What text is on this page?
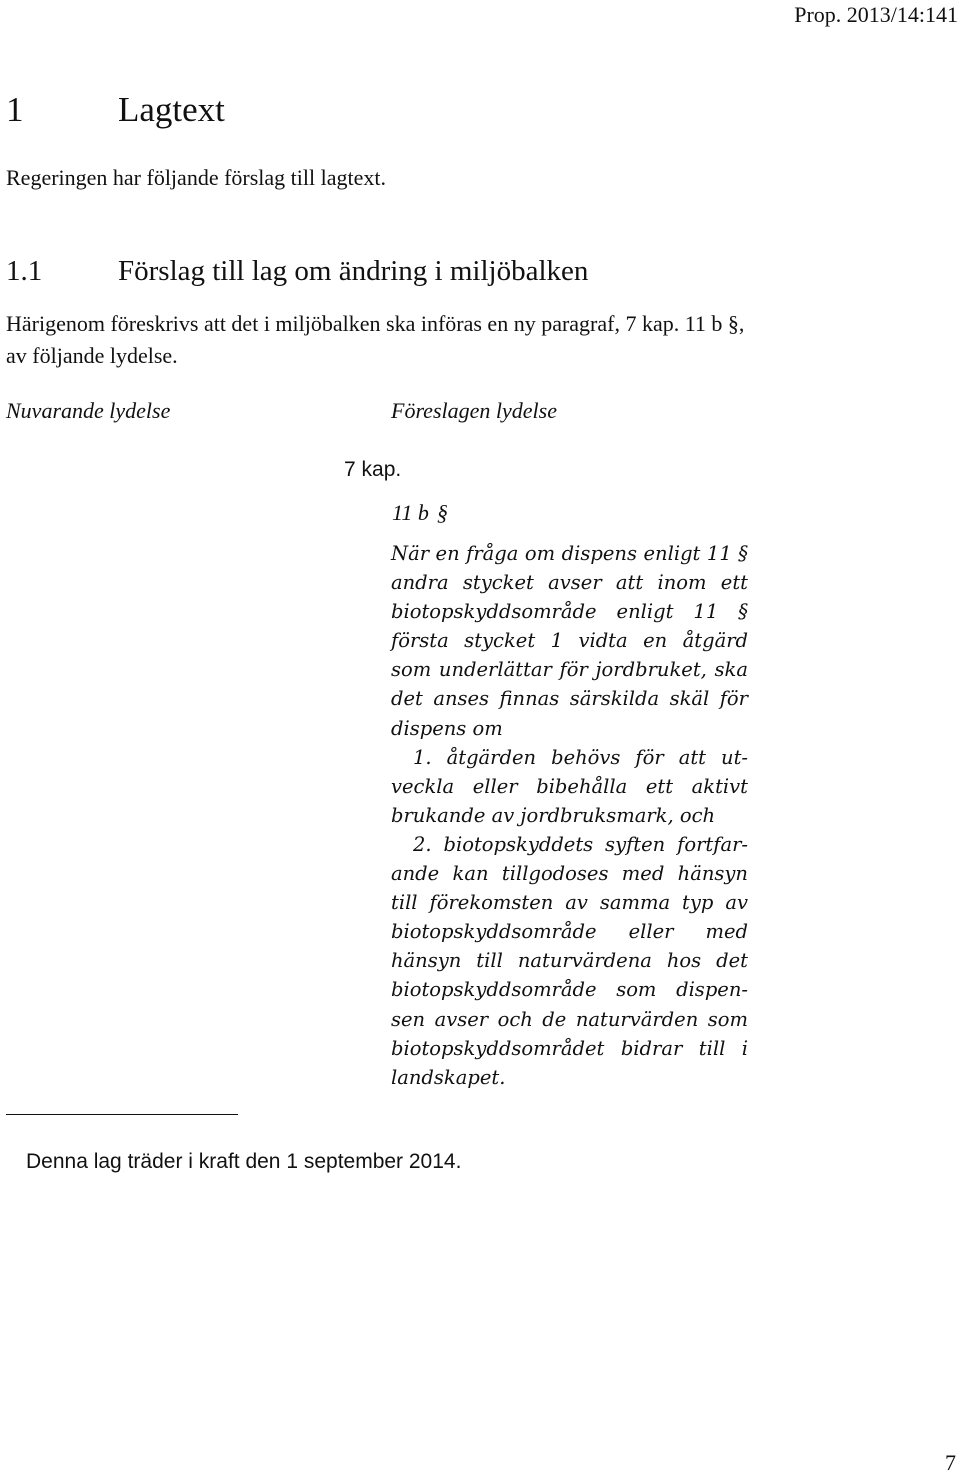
Prop. 2013/14:141
1	Lagtext
Regeringen har följande förslag till lagtext.
1.1	Förslag till lag om ändring i miljöbalken
Härigenom föreskrivs att det i miljöbalken ska införas en ny paragraf, 7 kap. 11 b §, av följande lydelse.
Nuvarande lydelse	Föreslagen lydelse
7 kap.
11 b §

När en fråga om dispens enligt 11 § andra stycket avser att inom ett biotopskyddsområde enligt 11 § första stycket 1 vidta en åtgärd som underlättar för jordbruket, ska det anses finnas särskilda skäl för dispens om

1. åtgärden behövs för att utveckla eller bibehålla ett aktivt brukande av jordbruksmark, och

2. biotopskyddets syften fortfarande kan tillgodoses med hänsyn till förekomsten av samma typ av biotopskyddsområde eller med hänsyn till naturvärdena hos det biotopskyddsområde som dispensen avser och de naturvärden som biotopskyddsområdet bidrar till i landskapet.

Denna lag träder i kraft den 1 september 2014.
7
